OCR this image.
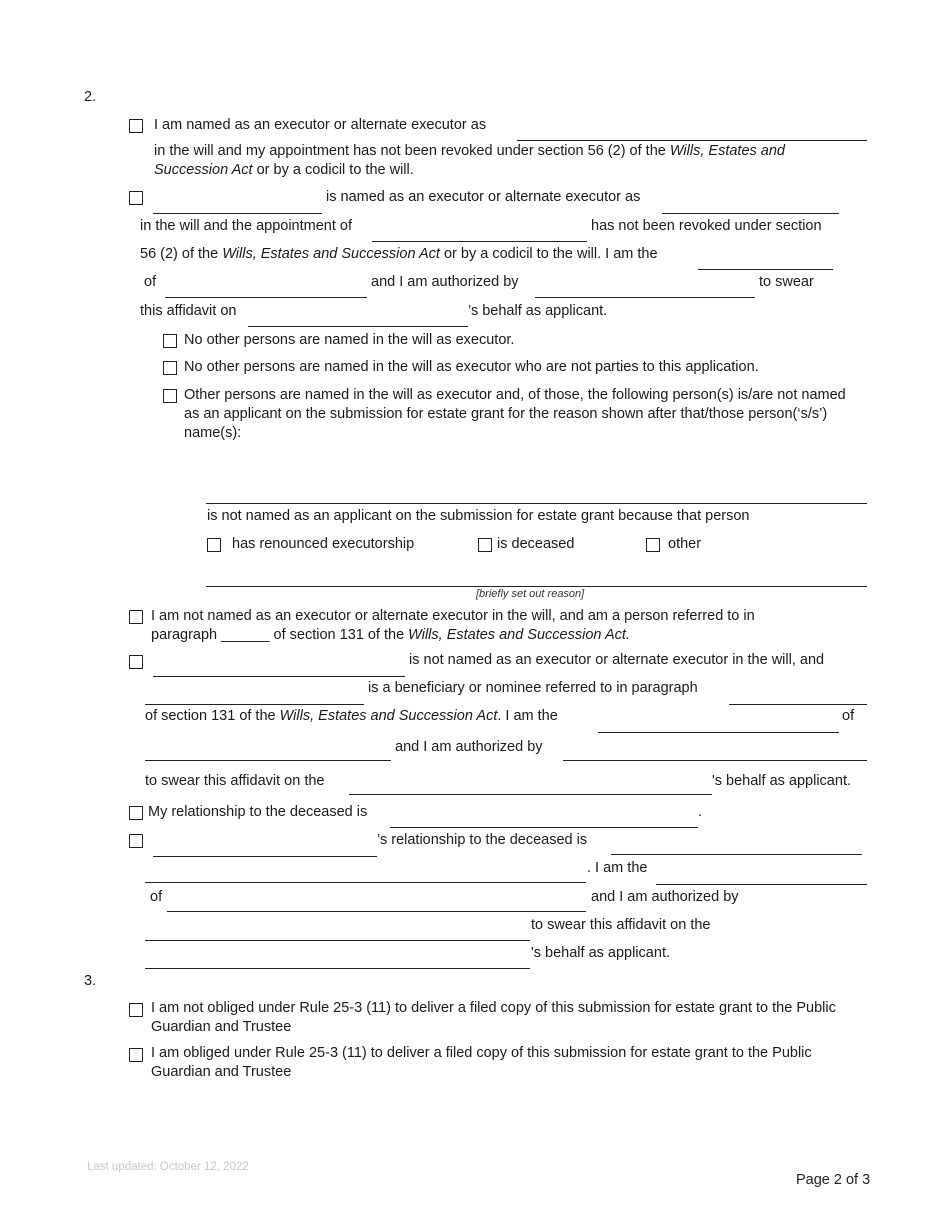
2.
I am named as an executor or alternate executor as
in the will and my appointment has not been revoked under section 56 (2) of the Wills, Estates and
Succession Act or by a codicil to the will.
is named as an executor or alternate executor as
in the will and the appointment of	has not been revoked under section
56 (2) of the Wills, Estates and Succession Act or by a codicil to the will. I am the
of	and I am authorized by	to swear
this affidavit on	’s behalf as applicant.
No other persons are named in the will as executor.
No other persons are named in the will as executor who are not parties to this application.
Other persons are named in the will as executor and, of those, the following person(s) is/are not named as an applicant on the submission for estate grant for the reason shown after that/those person(‘s/s’) name(s):
is not named as an applicant on the submission for estate grant because that person
has renounced executorship	is deceased	other
[briefly set out reason]
I am not named as an executor or alternate executor in the will, and am a person referred to in
paragraph ______ of section 131 of the Wills, Estates and Succession Act.
is not named as an executor or alternate executor in the will, and
is a beneficiary or nominee referred to in paragraph
of section 131 of the Wills, Estates and Succession Act. I am the	of
and I am authorized by
to swear this affidavit on the	's behalf as applicant.
My relationship to the deceased is	.
’s relationship to the deceased is
. I am the
of	and I am authorized by
to swear this affidavit on the
's behalf as applicant.
3.
I am not obliged under Rule 25-3 (11) to deliver a filed copy of this submission for estate grant to the Public Guardian and Trustee
I am obliged under Rule 25-3 (11) to deliver a filed copy of this submission for estate grant to the Public Guardian and Trustee
Last updated: October 12, 2022
Page 2 of 3
